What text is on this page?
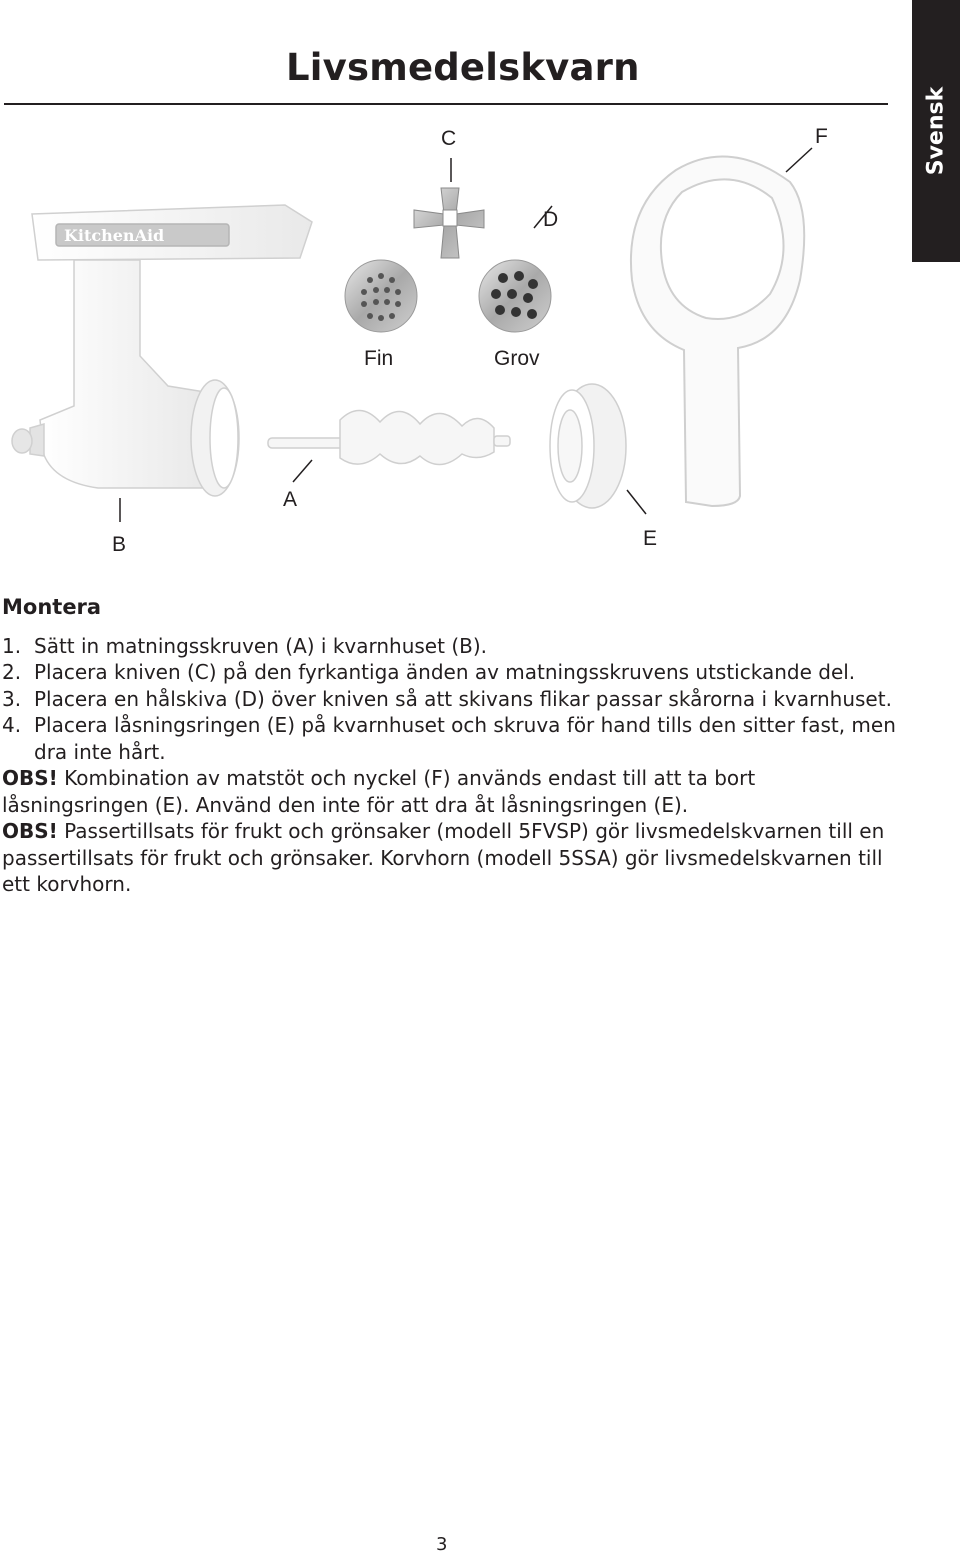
Livsmedelskvarn
Svensk
KitchenAid
C
D
F
Fin	Grov
A
B	E
Montera
1. Sätt in matningsskruven (A) i kvarnhuset (B).
2. Placera kniven (C) på den fyrkantiga änden av matningsskruvens utstickande del.
3. Placera en hålskiva (D) över kniven så att skivans flikar passar skårorna i kvarnhuset.
4. Placera låsningsringen (E) på kvarnhuset och skruva för hand tills den sitter fast, men dra inte hårt.

OBS! Kombination av matstöt och nyckel (F) används endast till att ta bort låsningsringen (E). Använd den inte för att dra åt låsningsringen (E).

OBS! Passertillsats för frukt och grönsaker (modell 5FVSP) gör livsmedelskvarnen till en passertillsats för frukt och grönsaker. Korvhorn (modell 5SSA) gör livsmedelskvarnen till ett korvhorn.

3
